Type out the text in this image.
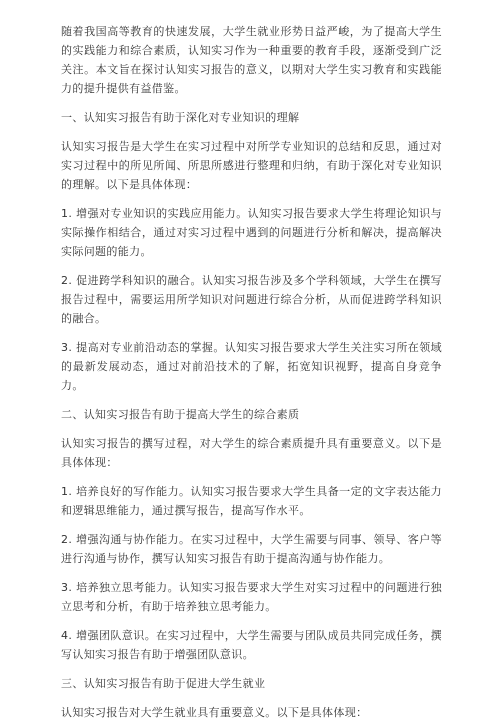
随着我国高等教育的快速发展，大学生就业形势日益严峻，为了提高大学生的实践能力和综合素质，认知实习作为一种重要的教育手段，逐渐受到广泛关注。本文旨在探讨认知实习报告的意义，以期对大学生实习教育和实践能力的提升提供有益借鉴。

一、认知实习报告有助于深化对专业知识的理解

认知实习报告是大学生在实习过程中对所学专业知识的总结和反思，通过对实习过程中的所见所闻、所思所感进行整理和归纳，有助于深化对专业知识的理解。以下是具体体现：

1. 增强对专业知识的实践应用能力。认知实习报告要求大学生将理论知识与实际操作相结合，通过对实习过程中遇到的问题进行分析和解决，提高解决实际问题的能力。

2. 促进跨学科知识的融合。认知实习报告涉及多个学科领域，大学生在撰写报告过程中，需要运用所学知识对问题进行综合分析，从而促进跨学科知识的融合。

3. 提高对专业前沿动态的掌握。认知实习报告要求大学生关注实习所在领域的最新发展动态，通过对前沿技术的了解，拓宽知识视野，提高自身竞争力。

二、认知实习报告有助于提高大学生的综合素质

认知实习报告的撰写过程，对大学生的综合素质提升具有重要意义。以下是具体体现：

1. 培养良好的写作能力。认知实习报告要求大学生具备一定的文字表达能力和逻辑思维能力，通过撰写报告，提高写作水平。

2. 增强沟通与协作能力。在实习过程中，大学生需要与同事、领导、客户等进行沟通与协作，撰写认知实习报告有助于提高沟通与协作能力。

3. 培养独立思考能力。认知实习报告要求大学生对实习过程中的问题进行独立思考和分析，有助于培养独立思考能力。

4. 增强团队意识。在实习过程中，大学生需要与团队成员共同完成任务，撰写认知实习报告有助于增强团队意识。

三、认知实习报告有助于促进大学生就业

认知实习报告对大学生就业具有重要意义。以下是具体体现：
